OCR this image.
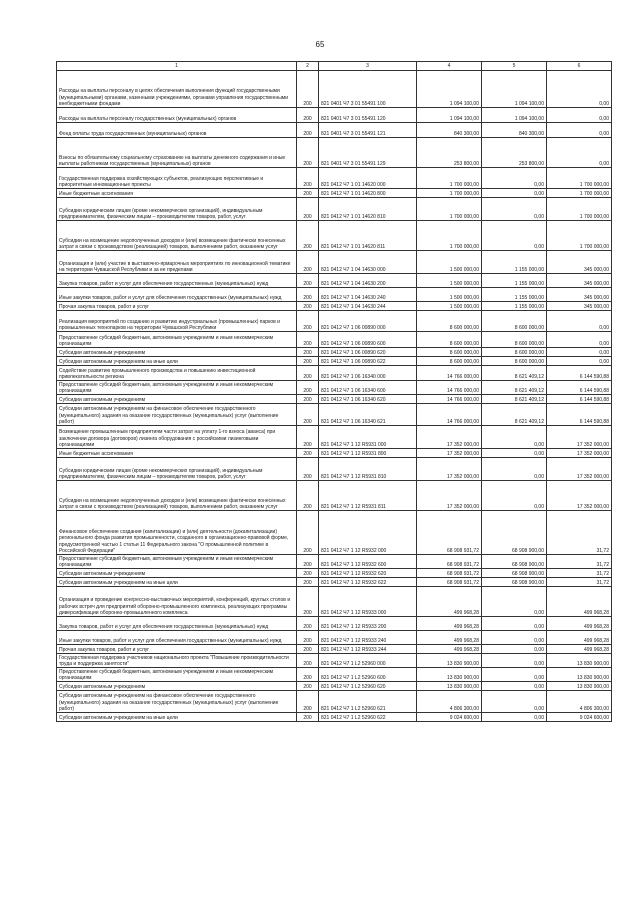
65
1	2	3	4	5	6
Расходы на выплаты персоналу в целях обеспечения выполнения функций государственными (муниципальными) органами, казенными учреждениями, органами управления государственными внебюджетными фондами	200	821 0401 Ч7 3 01 55491 100	1 094 100,00	1 094 100,00	0,00
Расходы на выплаты персоналу государственных (муниципальных) органов	200	821 0401 Ч7 3 01 55491 120	1 094 100,00	1 094 100,00	0,00
Фонд оплаты труда государственных (муниципальных) органов	200	821 0401 Ч7 3 01 55491 121	840 300,00	840 300,00	0,00
Взносы по обязательному социальному страхованию на выплаты денежного содержания и иные выплаты работникам государственных (муниципальных) органов	200	821 0401 Ч7 3 01 55491 129	253 800,00	253 800,00	0,00
Государственная поддержка хозяйствующих субъектов, реализующих перспективные и приоритетные инновационные проекты	200	821 0412 Ч7 1 01 14620 000	1 700 000,00	0,00	1 700 000,00
Иные бюджетные ассигнования	200	821 0412 Ч7 1 01 14620 800	1 700 000,00	0,00	1 700 000,00
Субсидии юридическим лицам (кроме некоммерческих организаций), индивидуальным предпринимателям, физическим лицам – производителям товаров, работ, услуг	200	821 0412 Ч7 1 01 14620 810	1 700 000,00	0,00	1 700 000,00
Субсидии на возмещение недополученных доходов и (или) возмещение фактически понесенных затрат в связи с производством (реализацией) товаров, выполнением работ, оказанием услуг	200	821 0412 Ч7 1 01 14620 811	1 700 000,00	0,00	1 700 000,00
Организация и (или) участие в выставочно-ярмарочных мероприятиях по инновационной тематике на территории Чувашской Республики и за ее пределами	200	821 0412 Ч7 1 04 14630 000	1 500 000,00	1 155 000,00	345 000,00
Закупка товаров, работ и услуг для обеспечения государственных (муниципальных) нужд	200	821 0412 Ч7 1 04 14630 200	1 500 000,00	1 155 000,00	345 000,00
Иные закупки товаров, работ и услуг для обеспечения государственных (муниципальных) нужд	200	821 0412 Ч7 1 04 14630 240	1 500 000,00	1 155 000,00	345 000,00
Прочая закупка товаров, работ и услуг	200	821 0412 Ч7 1 04 14630 244	1 500 000,00	1 155 000,00	345 000,00
Реализация мероприятий по созданию и развитию индустриальных (промышленных) парков и промышленных технопарков на территории Чувашской Республики	200	821 0412 Ч7 1 06 00890 000	8 600 000,00	8 600 000,00	0,00
Предоставление субсидий бюджетным, автономным учреждениям и иным некоммерческим организациям	200	821 0412 Ч7 1 06 00890 600	8 600 000,00	8 600 000,00	0,00
Субсидии автономным учреждениям	200	821 0412 Ч7 1 06 00890 620	8 600 000,00	8 600 000,00	0,00
Субсидии автономным учреждениям на иные цели	200	821 0412 Ч7 1 06 00890 622	8 600 000,00	8 600 000,00	0,00
Содействие развитию промышленного производства и повышению инвестиционной привлекательности региона	200	821 0412 Ч7 1 06 16340 000	14 766 000,00	8 621 409,12	6 144 590,88
Предоставление субсидий бюджетным, автономным учреждениям и иным некоммерческим организациям	200	821 0412 Ч7 1 06 16340 600	14 766 000,00	8 621 409,12	6 144 590,88
Субсидии автономным учреждениям	200	821 0412 Ч7 1 06 16340 620	14 766 000,00	8 621 409,12	6 144 590,88
Субсидии автономным учреждениям на финансовое обеспечение государственного (муниципального) задания на оказание государственных (муниципальных) услуг (выполнение работ)	200	821 0412 Ч7 1 06 16340 621	14 766 000,00	8 621 409,12	6 144 590,88
Возмещение промышленным предприятиям части затрат на уплату 1-го взноса (аванса) при заключении договора (договоров) лизинга оборудования с российскими лизинговыми организациями	200	821 0412 Ч7 1 12 R5931 000	17 352 000,00	0,00	17 352 000,00
Иные бюджетные ассигнования	200	821 0412 Ч7 1 12 R5931 800	17 352 000,00	0,00	17 352 000,00
Субсидии юридическим лицам (кроме некоммерческих организаций), индивидуальным предпринимателям, физическим лицам – производителям товаров, работ, услуг	200	821 0412 Ч7 1 12 R5931 810	17 352 000,00	0,00	17 352 000,00
Субсидии на возмещение недополученных доходов и (или) возмещение фактически понесенных затрат в связи с производством (реализацией) товаров, выполнением работ, оказанием услуг	200	821 0412 Ч7 1 12 R5931 811	17 352 000,00	0,00	17 352 000,00
Финансовое обеспечение создания (капитализации) и (или) деятельности (докапитализации) регионального фонда развития промышленности, созданного в организационно-правовой форме, предусмотренной частью 1 статьи 11 Федерального закона "О промышленной политике в Российской Федерации"	200	821 0412 Ч7 1 12 R5932 000	68 908 931,72	68 908 900,00	31,72
Предоставление субсидий бюджетным, автономным учреждениям и иным некоммерческим организациям	200	821 0412 Ч7 1 12 R5932 600	68 908 931,72	68 908 900,00	31,72
Субсидии автономным учреждениям	200	821 0412 Ч7 1 12 R5932 620	68 908 931,72	68 908 900,00	31,72
Субсидии автономным учреждениям на иные цели	200	821 0412 Ч7 1 12 R5932 622	68 908 931,72	68 908 900,00	31,72
Организация и проведение конгрессно-выставочных мероприятий, конференций, круглых столов и рабочих встреч для предприятий оборонно-промышленного комплекса, реализующих программы диверсификации оборонно-промышленного комплекса	200	821 0412 Ч7 1 12 R5933 000	499 968,28	0,00	499 968,28
Закупка товаров, работ и услуг для обеспечения государственных (муниципальных) нужд	200	821 0412 Ч7 1 12 R5933 200	499 968,28	0,00	499 968,28
Иные закупки товаров, работ и услуг для обеспечения государственных (муниципальных) нужд	200	821 0412 Ч7 1 12 R5933 240	499 968,28	0,00	499 968,28
Прочая закупка товаров, работ и услуг	200	821 0412 Ч7 1 12 R5933 244	499 968,28	0,00	499 968,28
Государственная поддержка участников национального проекта "Повышение производительности труда и поддержка занятости"	200	821 0412 Ч7 1 L2 52960 000	13 830 900,00	0,00	13 830 900,00
Предоставление субсидий бюджетным, автономным учреждениям и иным некоммерческим организациям	200	821 0412 Ч7 1 L2 52960 600	13 830 900,00	0,00	13 830 900,00
Субсидии автономным учреждениям	200	821 0412 Ч7 1 L2 52960 620	13 830 900,00	0,00	13 830 900,00
Субсидии автономным учреждениям на финансовое обеспечение государственного (муниципального) задания на оказание государственных (муниципальных) услуг (выполнение работ)	200	821 0412 Ч7 1 L2 52960 621	4 806 300,00	0,00	4 806 300,00
Субсидии автономным учреждениям на иные цели	200	821 0412 Ч7 1 L2 52960 622	9 024 600,00	0,00	9 024 600,00
